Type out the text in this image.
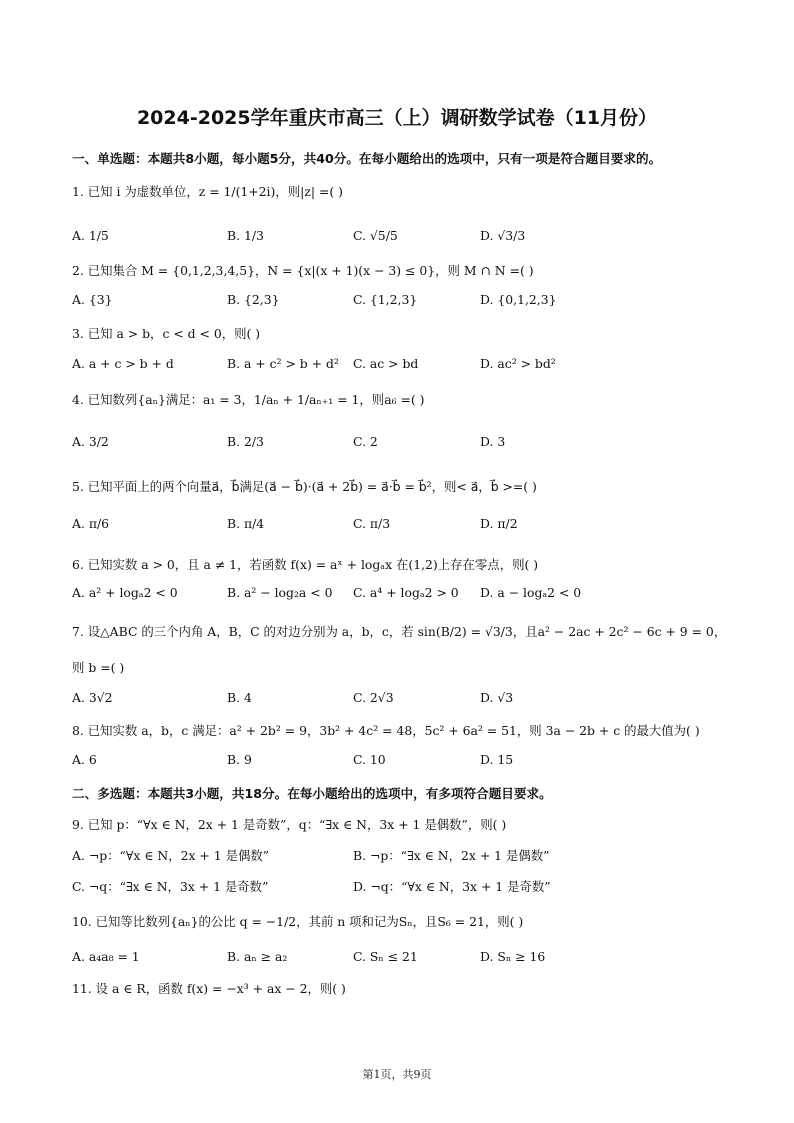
2024-2025学年重庆市高三（上）调研数学试卷（11月份）
一、单选题：本题共8小题，每小题5分，共40分。在每小题给出的选项中，只有一项是符合题目要求的。
1. 已知 i 为虚数单位，z = 1/(1+2i)，则|z| =( )
A. 1/5	B. 1/3	C. √5/5	D. √3/3
2. 已知集合 M = {0,1,2,3,4,5}，N = {x|(x + 1)(x − 3) ≤ 0}，则 M ∩ N =( )
A. {3}	B. {2,3}	C. {1,2,3}	D. {0,1,2,3}
3. 已知 a > b，c < d < 0，则( )
A. a + c > b + d	B. a + c² > b + d² C. ac > bd	D. ac² > bd²
4. 已知数列{aₙ}满足：a₁ = 3，1/aₙ + 1/aₙ₊₁ = 1，则a₆ =( )
A. 3/2	B. 2/3	C. 2	D. 3
5. 已知平面上的两个向量a⃗，b⃗满足(a⃗ − b⃗)·(a⃗ + 2b⃗) = a⃗·b⃗ = b⃗²，则< a⃗，b⃗ >=( )
A. π/6	B. π/4	C. π/3	D. π/2
6. 已知实数 a > 0，且 a ≠ 1，若函数 f(x) = aˣ + logₐx 在(1,2)上存在零点，则( )
A. a² + logₐ2 < 0	B. a² − log₂a < 0 C. a⁴ + logₐ2 > 0 D. a − logₐ2 < 0
7. 设△ABC 的三个内角 A，B，C 的对边分别为 a，b，c，若 sin(B/2) = √3/3，且a² − 2ac + 2c² − 6c + 9 = 0，
则 b =( )
A. 3√2	B. 4	C. 2√3	D. √3
8. 已知实数 a，b，c 满足：a² + 2b² = 9，3b² + 4c² = 48，5c² + 6a² = 51，则 3a − 2b + c 的最大值为( )
A. 6	B. 9	C. 10	D. 15
二、多选题：本题共3小题，共18分。在每小题给出的选项中，有多项符合题目要求。
9. 已知 p：“∀x ∈ N，2x + 1 是奇数”，q：“∃x ∈ N，3x + 1 是偶数”，则( )
A. ¬p：“∀x ∈ N，2x + 1 是偶数”	B. ¬p：“∃x ∈ N，2x + 1 是偶数”
C. ¬q：“∃x ∈ N，3x + 1 是奇数”	D. ¬q：“∀x ∈ N，3x + 1 是奇数”
10. 已知等比数列{aₙ}的公比 q = −1/2，其前 n 项和记为Sₙ，且S₆ = 21，则( )
A. a₄a₈ = 1	B. aₙ ≥ a₂	C. Sₙ ≤ 21	D. Sₙ ≥ 16
11. 设 a ∈ R，函数 f(x) = −x³ + ax − 2，则( )
第1页，共9页
